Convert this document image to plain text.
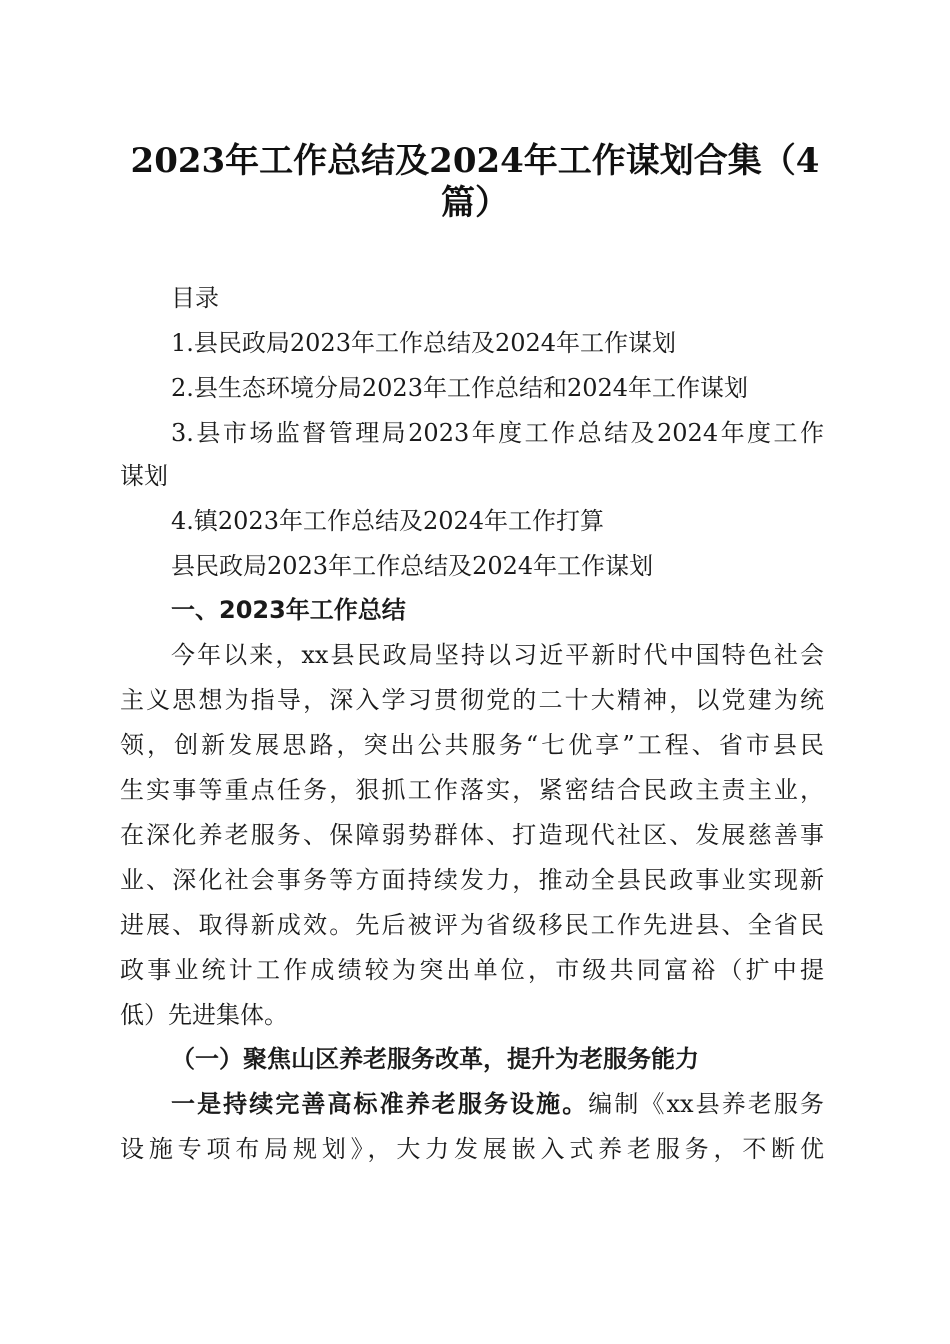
2023年工作总结及2024年工作谋划合集（4
篇）
目录
1.县民政局2023年工作总结及2024年工作谋划
2.县生态环境分局2023年工作总结和2024年工作谋划
3.县市场监督管理局2023年度工作总结及2024年度工作
谋划
4.镇2023年工作总结及2024年工作打算
县民政局2023年工作总结及2024年工作谋划
一、2023年工作总结
今年以来，xx县民政局坚持以习近平新时代中国特色社会
主义思想为指导，深入学习贯彻党的二十大精神，以党建为统
领，创新发展思路，突出公共服务“七优享”工程、省市县民
生实事等重点任务，狠抓工作落实，紧密结合民政主责主业，
在深化养老服务、保障弱势群体、打造现代社区、发展慈善事
业、深化社会事务等方面持续发力，推动全县民政事业实现新
进展、取得新成效。先后被评为省级移民工作先进县、全省民
政事业统计工作成绩较为突出单位，市级共同富裕（扩中提
低）先进集体。
（一）聚焦山区养老服务改革，提升为老服务能力
一是持续完善高标准养老服务设施。编制《xx县养老服务
设施专项布局规划》，大力发展嵌入式养老服务，不断优
